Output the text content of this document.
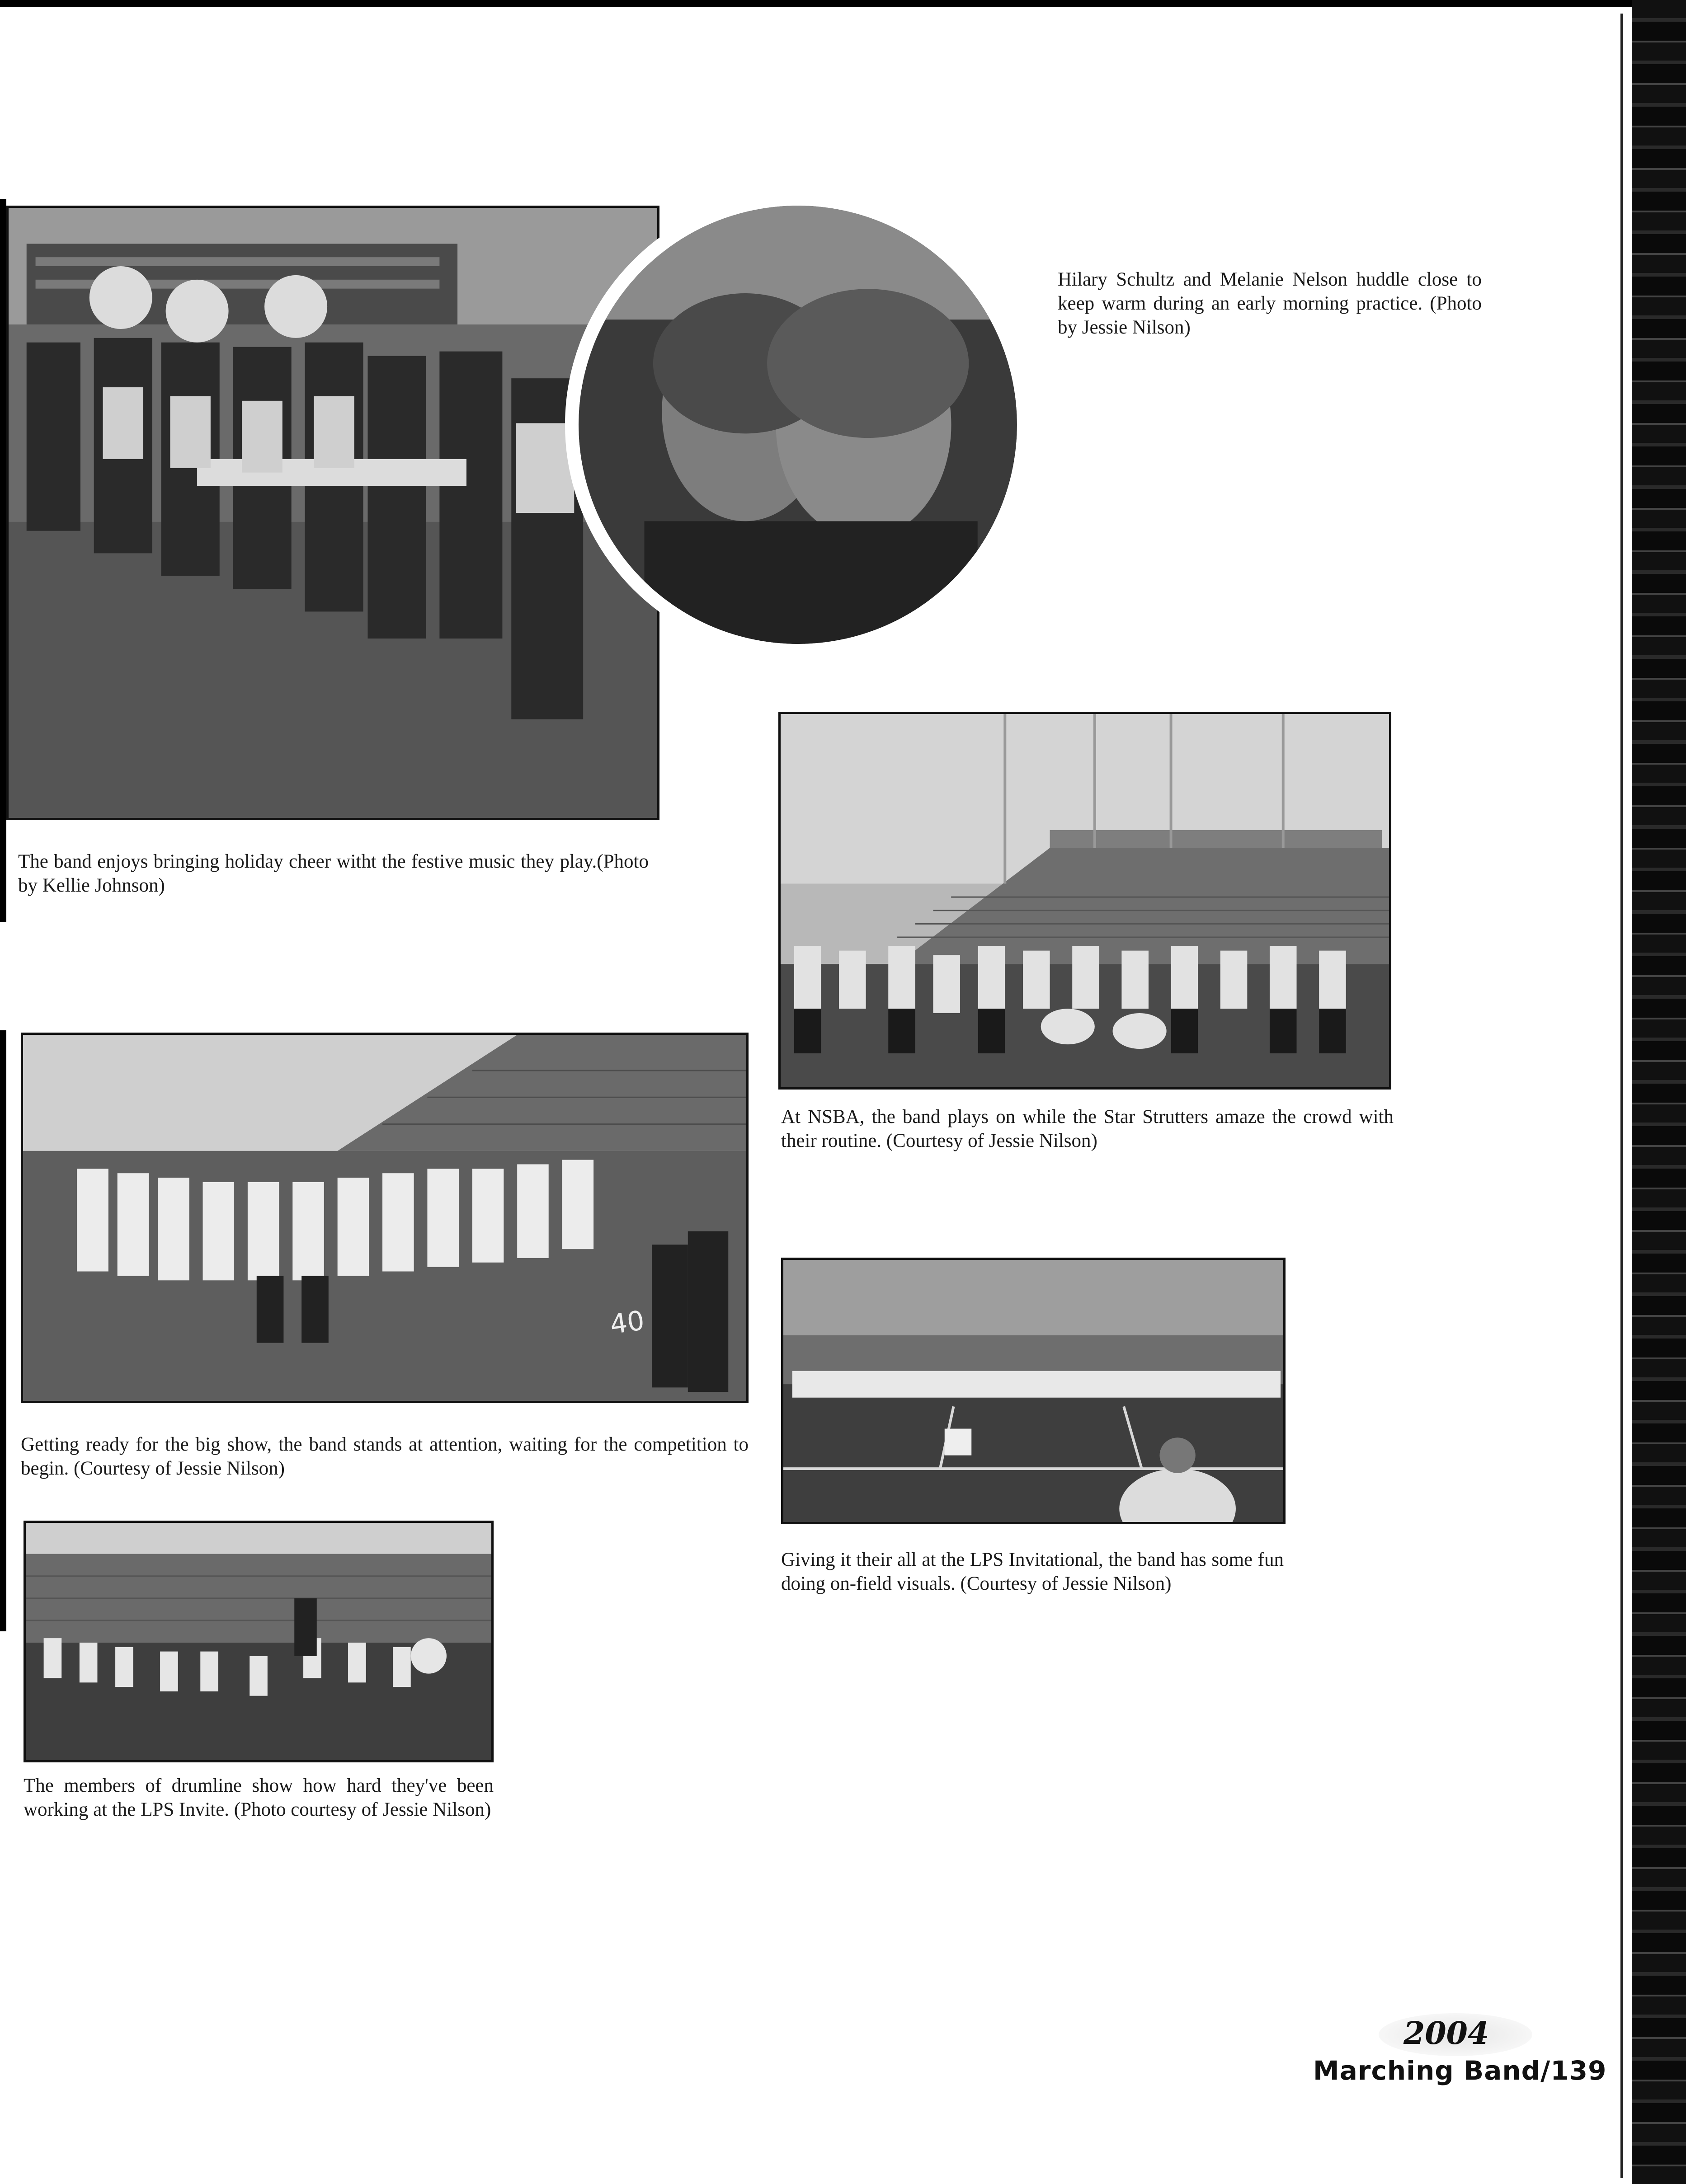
Hilary Schultz and Melanie Nelson huddle close to keep warm during an early morning practice. (Photo by Jessie Nilson)
The band enjoys bringing holiday cheer witht the festive music they play.(Photo by Kellie Johnson)
At NSBA, the band plays on while the Star Strutters amaze the crowd with their routine. (Courtesy of Jessie Nilson)
40
Getting ready for the big show, the band stands at attention, waiting for the competition to begin. (Courtesy of Jessie Nilson)
Giving it their all at the LPS Invitational, the band has some fun doing on-field visuals. (Courtesy of Jessie Nilson)
The members of drumline show how hard they've been working at the LPS Invite. (Photo courtesy of Jessie Nilson)
2004
Marching Band/139
